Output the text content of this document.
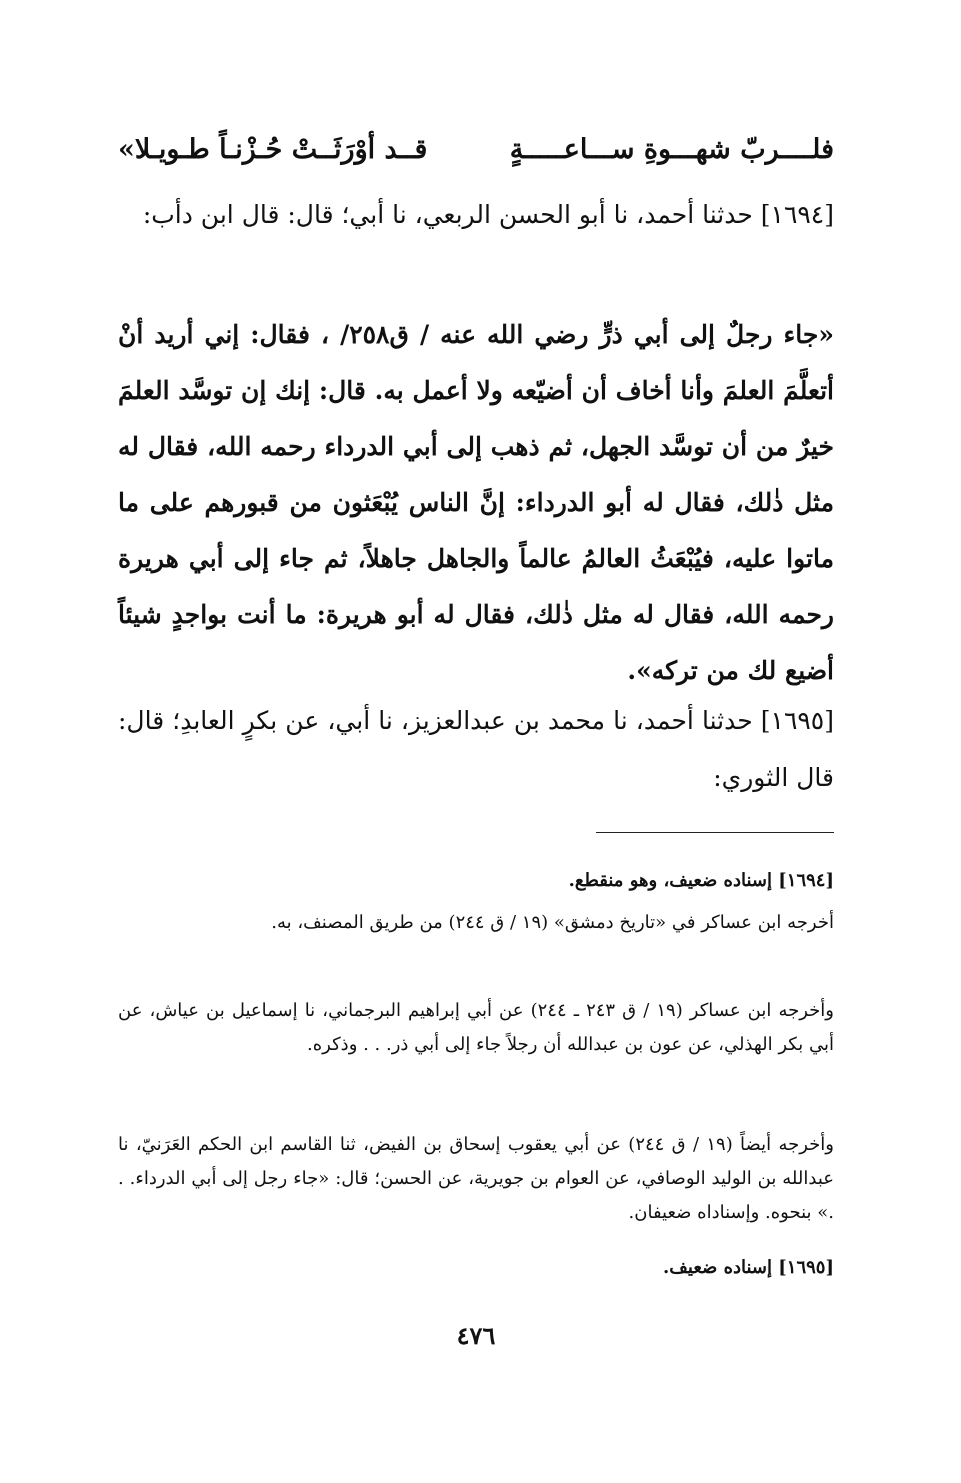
فلــــربّ شهـــوةِ ســـاعـــــةٍ
قــد أوْرَثَــتْ حُـزْنـاً طـويـلا»

[١٦٩٤] حدثنا أحمد، نا أبو الحسن الربعي، نا أبي؛ قال: قال ابن دأب:

«جاء رجلٌ إلى أبي ذرٍّ رضي الله عنه / ق٢٥٨/ ، فقال: إني أريد أنْ أتعلَّمَ العلمَ وأنا أخاف أن أضيّعه ولا أعمل به. قال: إنك إن توسَّد العلمَ خيرٌ من أن توسَّد الجهل، ثم ذهب إلى أبي الدرداء رحمه الله، فقال له مثل ذٰلك، فقال له أبو الدرداء: إنَّ الناس يُبْعَثون من قبورهم على ما ماتوا عليه، فيُبْعَثُ العالمُ عالماً والجاهل جاهلاً، ثم جاء إلى أبي هريرة رحمه الله، فقال له مثل ذٰلك، فقال له أبو هريرة: ما أنت بواجدٍ شيئاً أضيع لك من تركه».

[١٦٩٥] حدثنا أحمد، نا محمد بن عبدالعزيز، نا أبي، عن بكرٍ العابدِ؛ قال: قال الثوري:

[١٦٩٤] إسناده ضعيف، وهو منقطع.

أخرجه ابن عساكر في «تاريخ دمشق» (١٩ / ق ٢٤٤) من طريق المصنف، به.

وأخرجه ابن عساكر (١٩ / ق ٢٤٣ ـ ٢٤٤) عن أبي إبراهيم البرجماني، نا إسماعيل بن عياش، عن أبي بكر الهذلي، عن عون بن عبدالله أن رجلاً جاء إلى أبي ذر. . . وذكره.

وأخرجه أيضاً (١٩ / ق ٢٤٤) عن أبي يعقوب إسحاق بن الفيض، ثنا القاسم ابن الحكم العَرَنيّ، نا عبدالله بن الوليد الوصافي، عن العوام بن جويرية، عن الحسن؛ قال: «جاء رجل إلى أبي الدرداء. . .» بنحوه. وإسناداه ضعيفان.

[١٦٩٥] إسناده ضعيف.

٤٧٦
